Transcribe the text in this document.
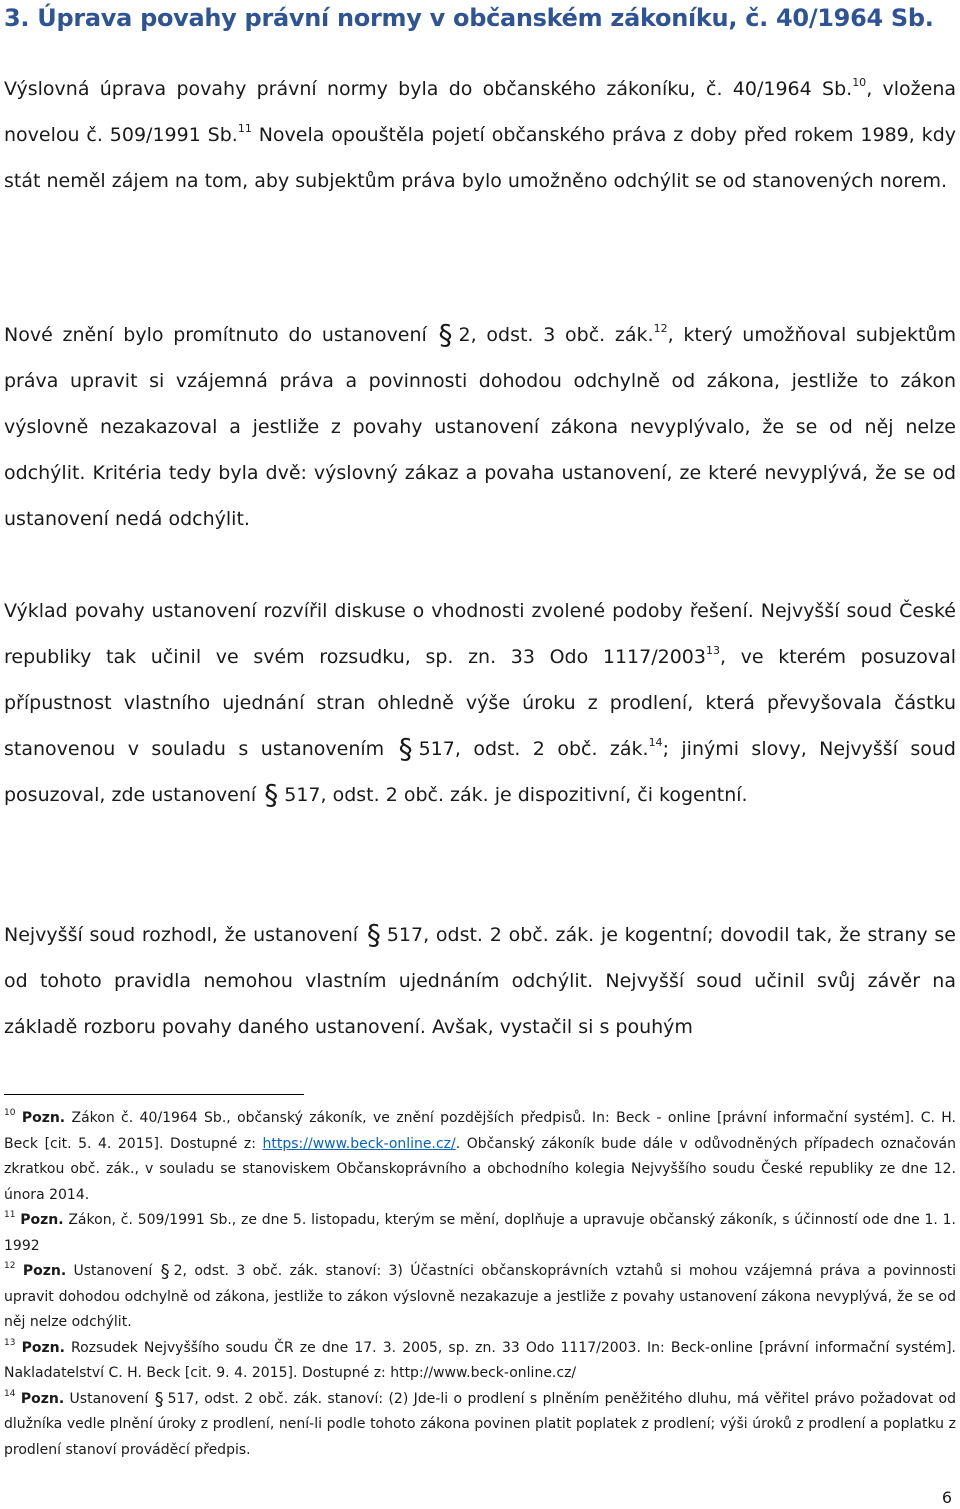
3. Úprava povahy právní normy v občanském zákoníku, č. 40/1964 Sb.

Výslovná úprava povahy právní normy byla do občanského zákoníku, č. 40/1964 Sb.$^{10}$, vložena novelou č. 509/1991 Sb.$^{11}$ Novela opouštěla pojetí občanského práva z doby před rokem 1989, kdy stát neměl zájem na tom, aby subjektům práva bylo umožněno odchýlit se od stanovených norem.

Nové znění bylo promítnuto do ustanovení § 2, odst. 3 obč. zák.$^{12}$, který umožňoval subjektům práva upravit si vzájemná práva a povinnosti dohodou odchylně od zákona, jestliže to zákon výslovně nezakazoval a jestliže z povahy ustanovení zákona nevyplývalo, že se od něj nelze odchýlit. Kritéria tedy byla dvě: výslovný zákaz a povaha ustanovení, ze které nevyplývá, že se od ustanovení nedá odchýlit.

Výklad povahy ustanovení rozvířil diskuse o vhodnosti zvolené podoby řešení. Nejvyšší soud České republiky tak učinil ve svém rozsudku, sp. zn. 33 Odo 1117/2003$^{13}$, ve kterém posuzoval přípustnost vlastního ujednání stran ohledně výše úroku z prodlení, která převyšovala částku stanovenou v souladu s ustanovením § 517, odst. 2 obč. zák.$^{14}$; jinými slovy, Nejvyšší soud posuzoval, zde ustanovení § 517, odst. 2 obč. zák. je dispozitivní, či kogentní.

Nejvyšší soud rozhodl, že ustanovení § 517, odst. 2 obč. zák. je kogentní; dovodil tak, že strany se od tohoto pravidla nemohou vlastním ujednáním odchýlit. Nejvyšší soud učinil svůj závěr na základě rozboru povahy daného ustanovení. Avšak, vystačil si s pouhým

$^{10}$ Pozn. Zákon č. 40/1964 Sb., občanský zákoník, ve znění pozdějších předpisů. In: Beck - online [právní informační systém]. C. H. Beck [cit. 5. 4. 2015]. Dostupné z: https://www.beck-online.cz/. Občanský zákoník bude dále v odůvodněných případech označován zkratkou obč. zák., v souladu se stanoviskem Občanskoprávního a obchodního kolegia Nejvyššího soudu České republiky ze dne 12. února 2014.

$^{11}$ Pozn. Zákon, č. 509/1991 Sb., ze dne 5. listopadu, kterým se mění, doplňuje a upravuje občanský zákoník, s účinností ode dne 1. 1. 1992

$^{12}$ Pozn. Ustanovení § 2, odst. 3 obč. zák. stanoví: 3) Účastníci občanskoprávních vztahů si mohou vzájemná práva a povinnosti upravit dohodou odchylně od zákona, jestliže to zákon výslovně nezakazuje a jestliže z povahy ustanovení zákona nevyplývá, že se od něj nelze odchýlit.

$^{13}$ Pozn. Rozsudek Nejvyššího soudu ČR ze dne 17. 3. 2005, sp. zn. 33 Odo 1117/2003. In: Beck-online [právní informační systém]. Nakladatelství C. H. Beck [cit. 9. 4. 2015]. Dostupné z: http://www.beck-online.cz/

$^{14}$ Pozn. Ustanovení § 517, odst. 2 obč. zák. stanoví: (2) Jde-li o prodlení s plněním peněžitého dluhu, má věřitel právo požadovat od dlužníka vedle plnění úroky z prodlení, není-li podle tohoto zákona povinen platit poplatek z prodlení; výši úroků z prodlení a poplatku z prodlení stanoví prováděcí předpis.

6
